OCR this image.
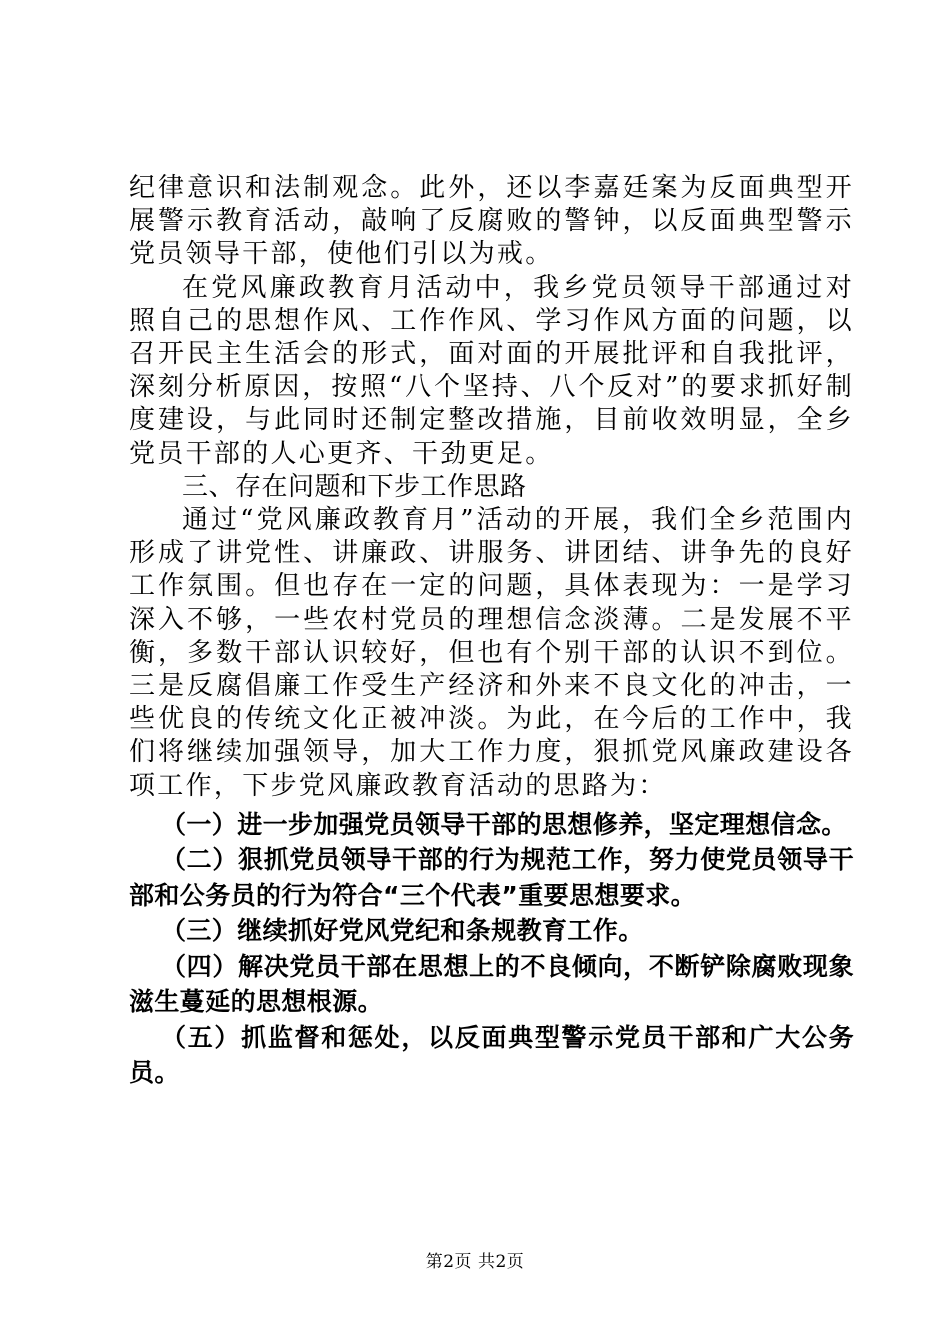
纪律意识和法制观念。此外，还以李嘉廷案为反面典型开展警示教育活动，敲响了反腐败的警钟，以反面典型警示党员领导干部，使他们引以为戒。

在党风廉政教育月活动中，我乡党员领导干部通过对照自己的思想作风、工作作风、学习作风方面的问题，以召开民主生活会的形式，面对面的开展批评和自我批评，深刻分析原因，按照“八个坚持、八个反对”的要求抓好制度建设，与此同时还制定整改措施，目前收效明显，全乡党员干部的人心更齐、干劲更足。

三、存在问题和下步工作思路

通过“党风廉政教育月”活动的开展，我们全乡范围内形成了讲党性、讲廉政、讲服务、讲团结、讲争先的良好工作氛围。但也存在一定的问题，具体表现为：一是学习深入不够，一些农村党员的理想信念淡薄。二是发展不平衡，多数干部认识较好，但也有个别干部的认识不到位。三是反腐倡廉工作受生产经济和外来不良文化的冲击，一些优良的传统文化正被冲淡。为此，在今后的工作中，我们将继续加强领导，加大工作力度，狠抓党风廉政建设各项工作，下步党风廉政教育活动的思路为：

（一）进一步加强党员领导干部的思想修养，坚定理想信念。

（二）狠抓党员领导干部的行为规范工作，努力使党员领导干部和公务员的行为符合“三个代表”重要思想要求。

（三）继续抓好党风党纪和条规教育工作。

（四）解决党员干部在思想上的不良倾向，不断铲除腐败现象滋生蔓延的思想根源。

（五）抓监督和惩处，以反面典型警示党员干部和广大公务员。

第2页 共2页
